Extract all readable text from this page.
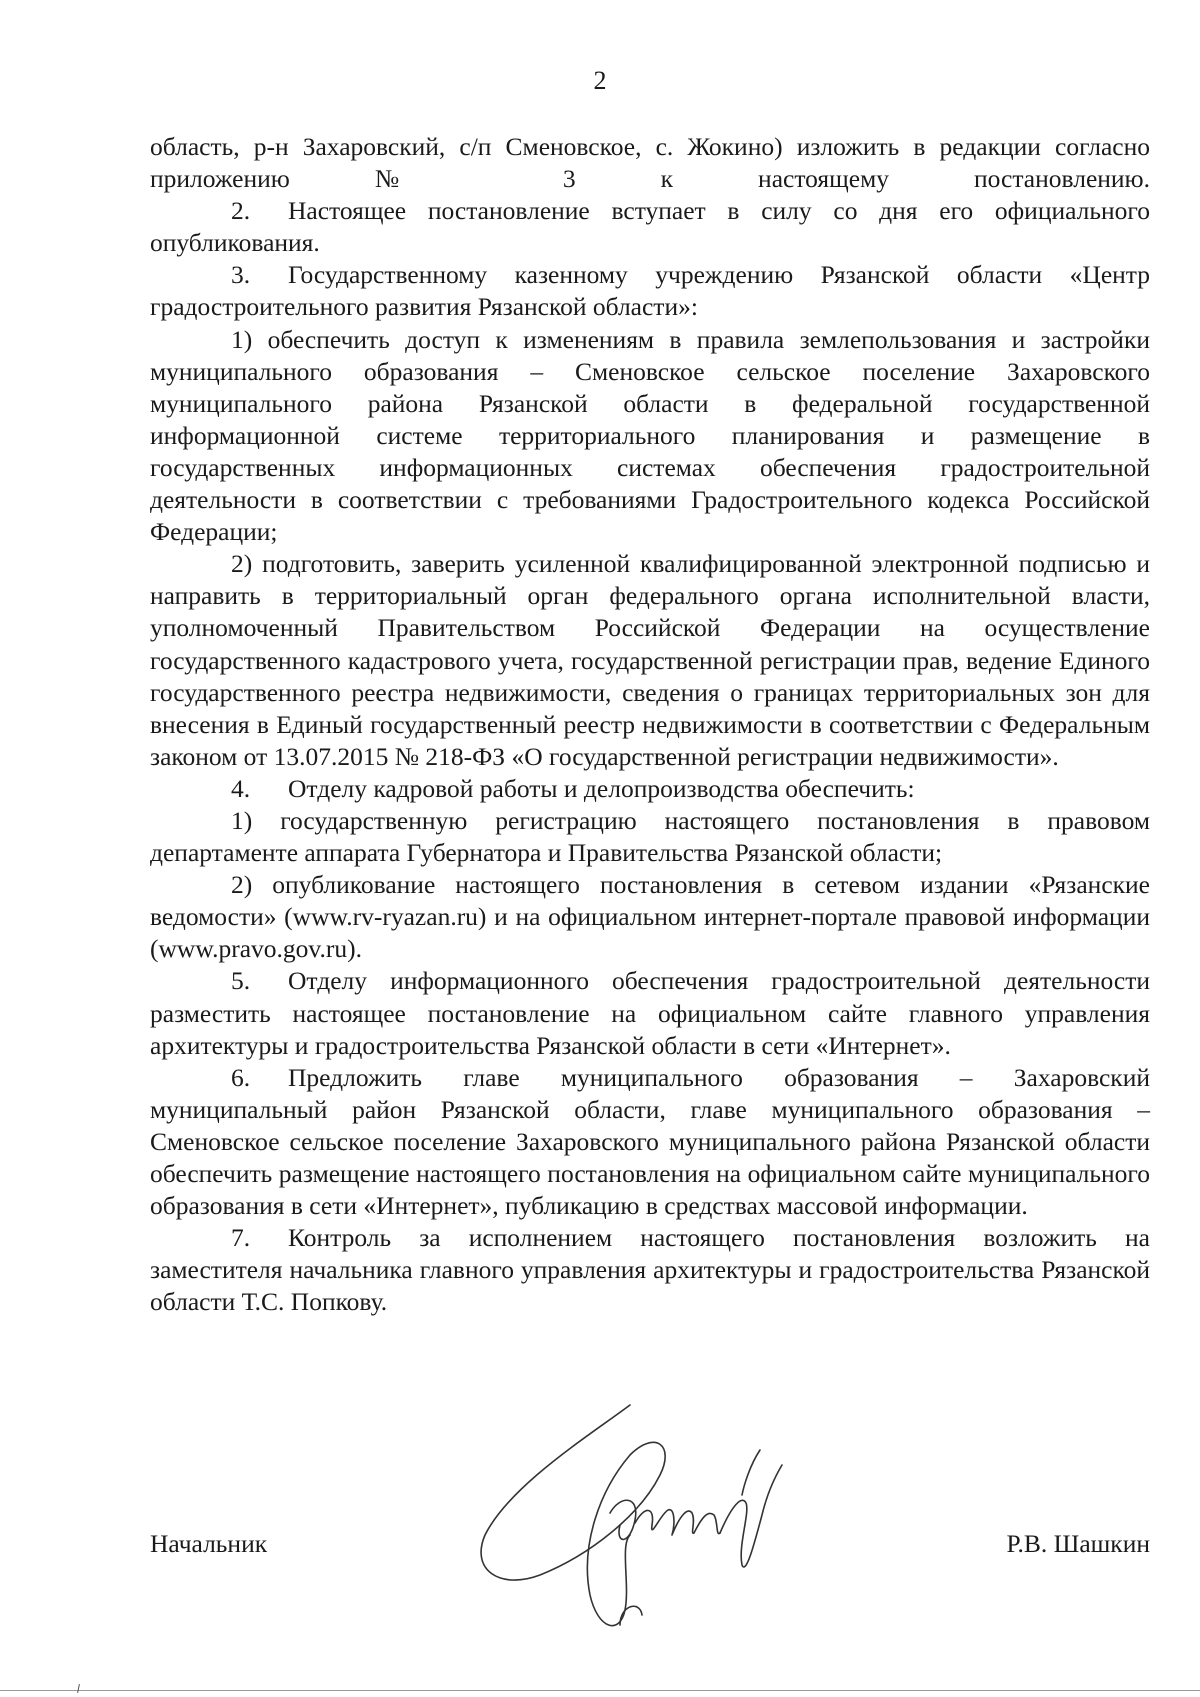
2

область, р-н Захаровский, с/п Сменовское, с. Жокино) изложить в редакции согласно приложению № 3 к настоящему постановлению.

2. Настоящее постановление вступает в силу со дня его официального опубликования.

3. Государственному казенному учреждению Рязанской области «Центр градостроительного развития Рязанской области»:

1) обеспечить доступ к изменениям в правила землепользования и застройки муниципального образования – Сменовское сельское поселение Захаровского муниципального района Рязанской области в федеральной государственной информационной системе территориального планирования и размещение в государственных информационных системах обеспечения градостроительной деятельности в соответствии с требованиями Градостроительного кодекса Российской Федерации;

2) подготовить, заверить усиленной квалифицированной электронной подписью и направить в территориальный орган федерального органа исполнительной власти, уполномоченный Правительством Российской Федерации на осуществление государственного кадастрового учета, государственной регистрации прав, ведение Единого государственного реестра недвижимости, сведения о границах территориальных зон для внесения в Единый государственный реестр недвижимости в соответствии с Федеральным законом от 13.07.2015 № 218-ФЗ «О государственной регистрации недвижимости».

4. Отделу кадровой работы и делопроизводства обеспечить:

1) государственную регистрацию настоящего постановления в правовом департаменте аппарата Губернатора и Правительства Рязанской области;

2) опубликование настоящего постановления в сетевом издании «Рязанские ведомости» (www.rv-ryazan.ru) и на официальном интернет-портале правовой информации (www.pravo.gov.ru).

5. Отделу информационного обеспечения градостроительной деятельности разместить настоящее постановление на официальном сайте главного управления архитектуры и градостроительства Рязанской области в сети «Интернет».

6. Предложить главе муниципального образования – Захаровский муниципальный район Рязанской области, главе муниципального образования – Сменовское сельское поселение Захаровского муниципального района Рязанской области обеспечить размещение настоящего постановления на официальном сайте муниципального образования в сети «Интернет», публикацию в средствах массовой информации.

7. Контроль за исполнением настоящего постановления возложить на заместителя начальника главного управления архитектуры и градостроительства Рязанской области Т.С. Попкову.

Начальник	Р.В. Шашкин
